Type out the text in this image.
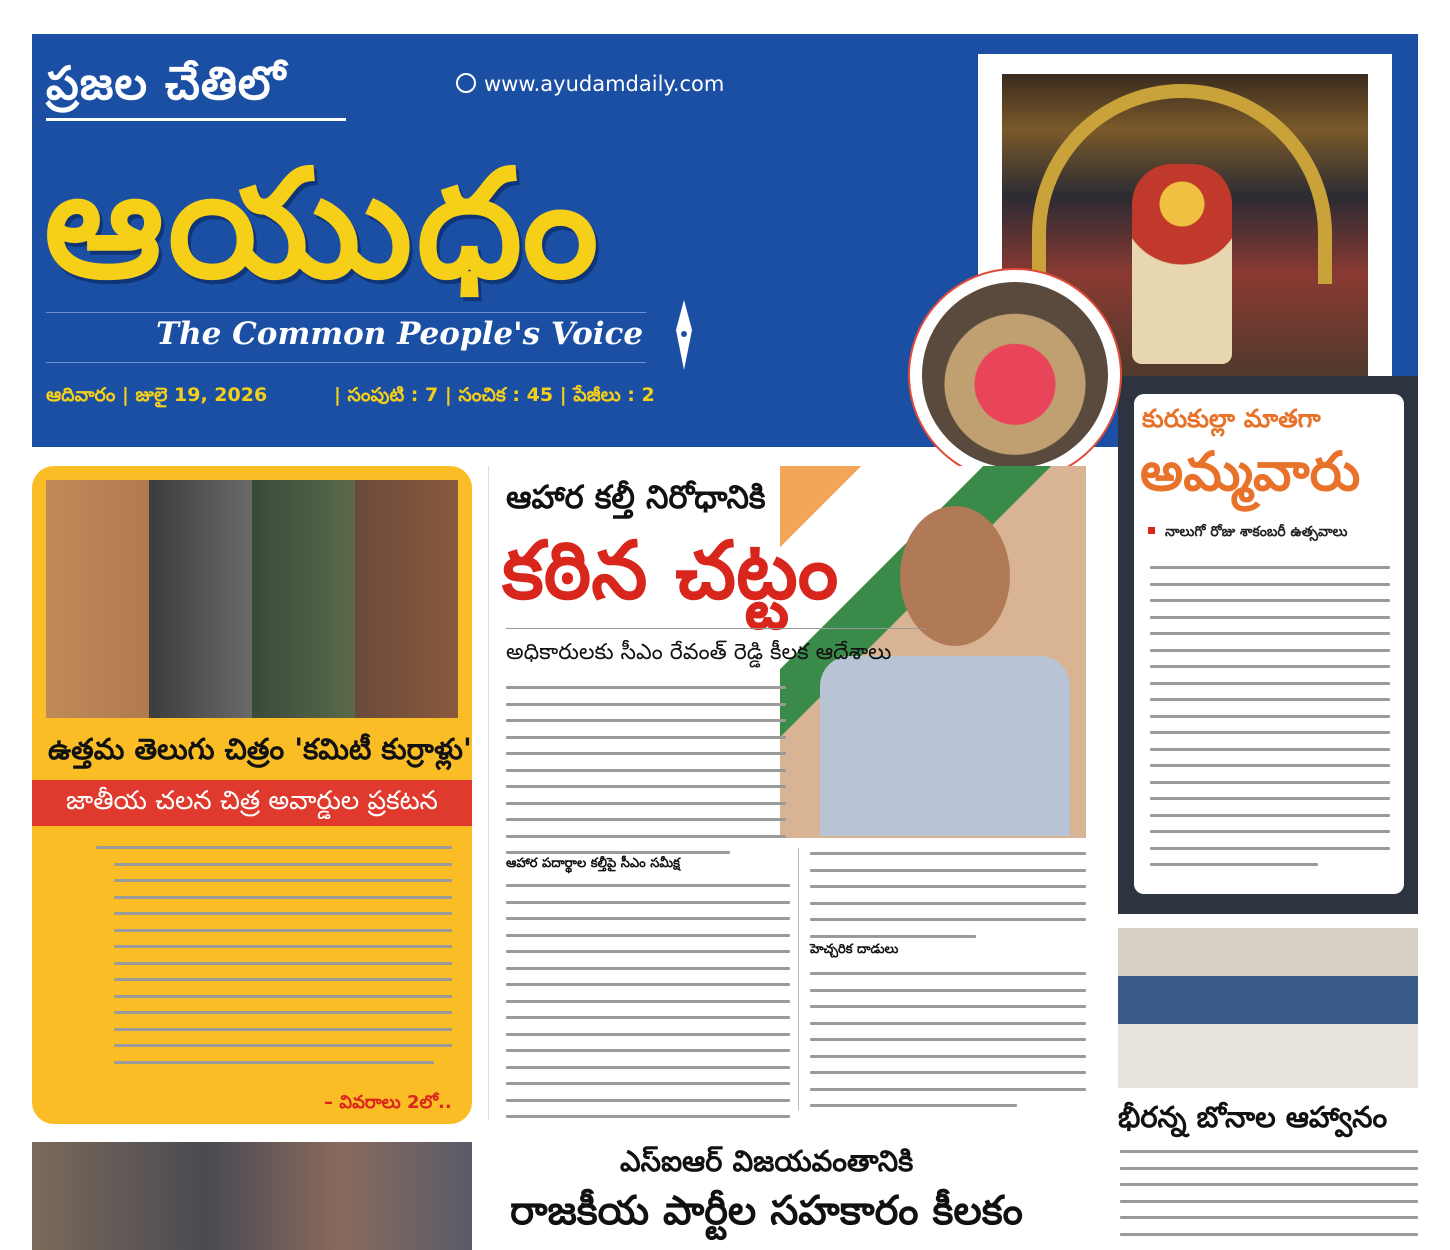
ప్రజల చేతిలో	www.ayudamdaily.com
ఆయుధం
The Common People's Voice
ఆదివారం | జులై 19, 2026	| సంపుటి : 7 | సంచిక : 45 | పేజీలు : 2
కురుకుల్లా మాతగా
అమ్మవారు
నాలుగో రోజు శాకంబరీ ఉత్సవాలు
ఉత్తమ తెలుగు చిత్రం 'కమిటీ కుర్రాళ్లు'
జాతీయ చలన చిత్ర అవార్డుల ప్రకటన
– వివరాలు 2లో..
ఆహార కల్తీ నిరోధానికి
కఠిన చట్టం
అధికారులకు సీఎం రేవంత్ రెడ్డి కీలక ఆదేశాలు
ఆహార పదార్థాల కల్తీపై సీఎం సమీక్ష
హెచ్చరిక దాడులు
ఎస్ఐఆర్ విజయవంతానికి
రాజకీయ పార్టీల సహకారం కీలకం
భీరన్న బోనాల ఆహ్వానం
